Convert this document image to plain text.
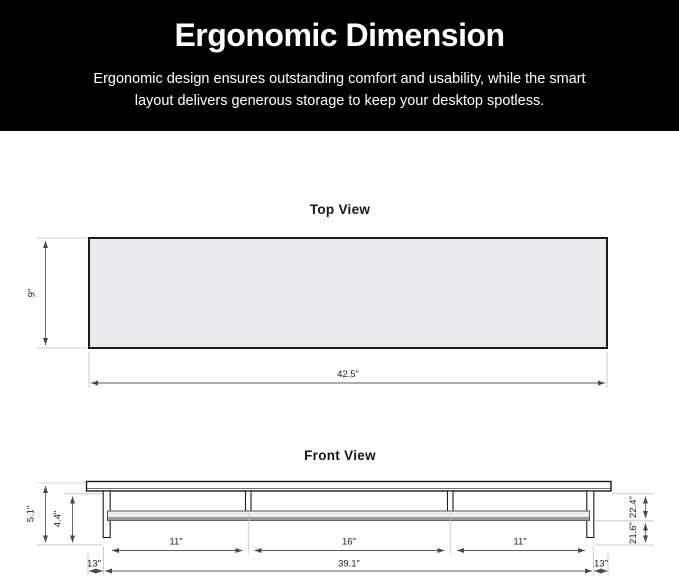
Ergonomic Dimension

Ergonomic design ensures outstanding comfort and usability, while the smart

layout delivers generous storage to keep your desktop spotless.

Top View
9"
42.5"
Front View
5.1" 4.4"
22.4"
21.6"
11"	16"	11"
13"	39.1"	13"
